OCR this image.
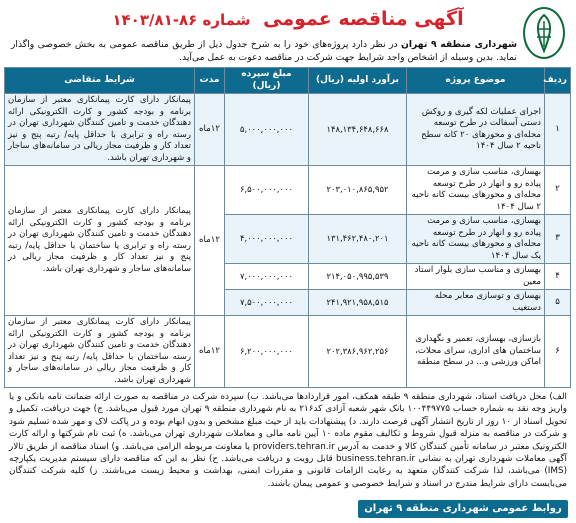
آگهی مناقصه عمومی شماره ۸۶-۱۴۰۳/۸۱
شهرداری منطقه ۹ تهران در نظر دارد پروژه‌های خود را به شرح جدول ذیل از طریق مناقصه عمومی به بخش خصوصی واگذار نماید. بدین وسیله از اشخاص واجد شرایط جهت شرکت در مناقصه دعوت به عمل می‌آید.
ردیف	موضوع پروژه	برآورد اولیه (ریال)	مبلغ سپرده (ریال)	مدت	شرایط متقاضی
۱	اجرای عملیات لکه گیری و روکش دستی آسفالت در طرح توسعه محله‌ای و محورهای ۲۰ کانه سطح ناحیه ۲ سال ۱۴۰۴	۱۴۸,۱۳۴,۶۴۸,۶۶۸	۵,۰۰۰,۰۰۰,۰۰۰	۱۲ماه	پیمانکار دارای کارت پیمانکاری معتبر از سازمان برنامه و بودجه کشور و کارت الکترونیکی ارائه دهندگان خدمت و تامین کنندگان شهرداری تهران در رسته راه و ترابری با حداقل پایه/ رتبه پنج و نیز تعداد کار و ظرفیت مجاز ریالی در سامانه‌های ساجار و شهرداری تهران باشد.
۲	بهسازی، مناسب سازی و مرمت پیاده رو و انهار در طرح توسعه محله‌ای و محورهای بیست کانه ناحیه ۲ سال ۱۴۰۴	۲۰۳,۰۱۰,۸۶۵,۹۵۲	۶,۵۰۰,۰۰۰,۰۰۰	۱۲ماه	پیمانکار دارای کارت پیمانکاری معتبر از سازمان برنامه و بودجه کشور و کارت الکترونیکی ارائه دهندگان خدمت و تامین کنندگان شهرداری تهران در رسته راه و ترابری یا ساختمان با حداقل پایه/ رتبه پنج و نیز تعداد کار و ظرفیت مجاز ریالی در سامانه‌های ساجار و شهرداری تهران باشد.
۳	بهسازی، مناسب سازی و مرمت پیاده رو و انهار در طرح توسعه محله‌ای و محورهای بیست کانه ناحیه یک سال ۱۴۰۴	۱۳۱,۴۶۲,۴۸۰,۲۰۱	۴,۰۰۰,۰۰۰,۰۰۰		
۴	بهسازی و مناسب سازی بلوار استاد معین	۲۱۴,۰۵۰,۹۹۵,۵۳۹	۷,۰۰۰,۰۰۰,۰۰۰		
۵	بهسازی و توسازی معابر محله دستغیب	۲۴۱,۹۲۱,۹۵۸,۵۱۵	۷,۵۰۰,۰۰۰,۰۰۰		
۶	بازسازی، بهسازی، تعمیر و نگهداری ساختمان های اداری، سرای محلات، اماکن ورزشی و... در سطح منطقه	۲۰۲,۳۸۶,۹۶۲,۲۵۶	۶,۲۰۰,۰۰۰,۰۰۰	۱۲ماه	پیمانکار دارای کارت پیمانکاری معتبر از سازمان برنامه و بودجه کشور و کارت الکترونیکی ارائه دهندگان خدمت و تامین کنندگان شهرداری تهران در رسته ساختمان با حداقل پایه/ رتبه پنج و نیز تعداد کار و ظرفیت مجاز ریالی در سامانه‌های ساجار و شهرداری تهران باشد.
الف) محل دریافت اسناد، شهرداری منطقه ۹ طبقه همکف، امور قراردادها می‌باشد. ب) سپرده شرکت در مناقصه به صورت ارائه ضمانت نامه بانکی و یا واریز وجه نقد به شماره حساب ۱۰۰۴۴۹۷۷۵ بانک شهر شعبه آزادی کد۲۱۶ به نام شهرداری منطقه ۹ تهران مورد قبول می‌باشد. ج) جهت دریافت، تکمیل و تحویل اسناد از ۱۰ روز از تاریخ انتشار آگهی فرصت دارند. د) پیشنهادات باید از حیث مبلغ مشخص و بدون ابهام بوده و در پاکت لاک و مهر شده تسلیم شود و شرکت در مناقصه به منزله قبول شروط و تکالیف مقوم ماده ۱۰ آیین نامه مالی و معاملات شهرداری تهران می‌باشد. ه) ثبت نام شرکتها و ارائه کارت الکترونیک معتبر در سامانه تأمین کنندگان کالا و خدمت به آدرس providers.tehran.ir یا معاونت مربوطه الزامی می‌باشد. و) اسناد مناقصه از طریق تالار آگهی معاملات شهرداری تهران به نشانی business.tehran.ir قابل رویت و دریافت می‌باشد. ح) نظر به این که مناقصه دارای سیستم مدیریت یکپارچه (IMS) می‌باشد، لذا شرکت کنندگان متعهد به رعایت الزامات قانونی و مقررات ایمنی، بهداشت و محیط زیست می‌باشند. ز) کلیه شرکت کنندگان می‌بایست دارای شرایط مندرج در اسناد و شرایط خصوصی و عمومی پیمان باشند.
روابط عمومی شهرداری منطقه ۹ تهران
